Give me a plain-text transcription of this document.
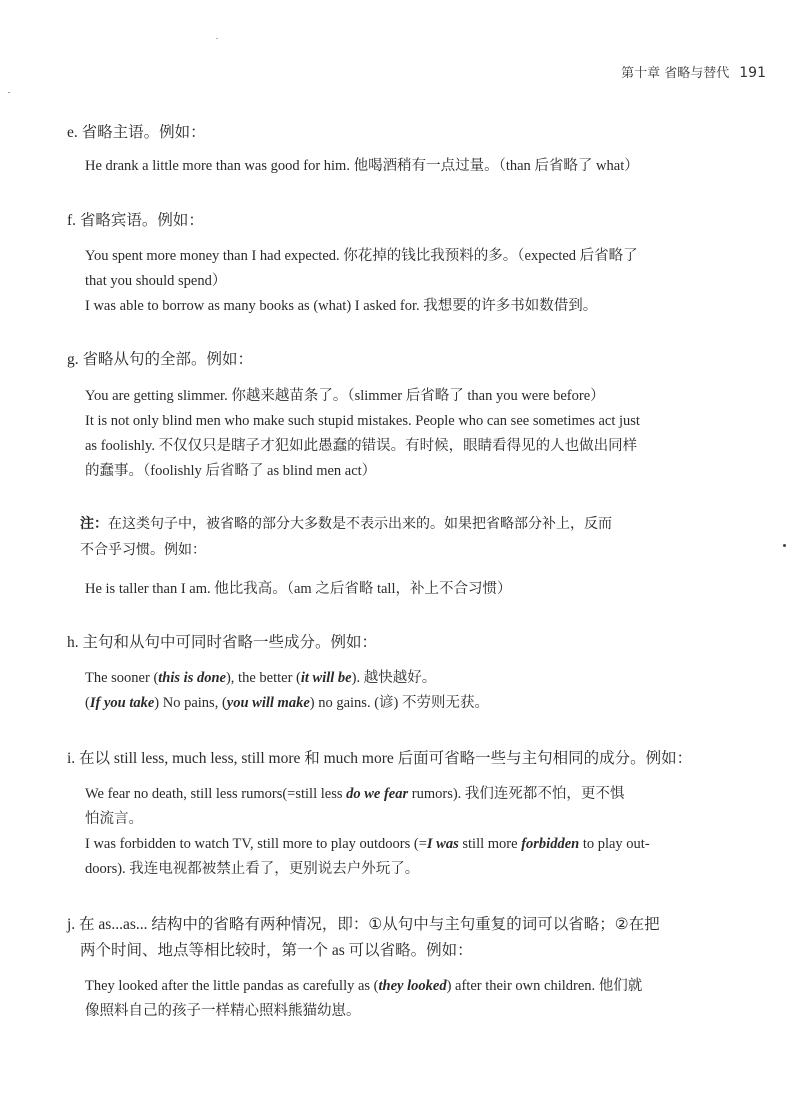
第十章 省略与替代 191
e. 省略主语。例如：
He drank a little more than was good for him. 他喝酒稍有一点过量。（than 后省略了 what）
f. 省略宾语。例如：
You spent more money than I had expected. 你花掉的钱比我预料的多。（expected 后省略了
that you should spend）
I was able to borrow as many books as (what) I asked for. 我想要的许多书如数借到。
g. 省略从句的全部。例如：
You are getting slimmer. 你越来越苗条了。（slimmer 后省略了 than you were before）
It is not only blind men who make such stupid mistakes. People who can see sometimes act just
as foolishly. 不仅仅只是瞎子才犯如此愚蠢的错误。有时候，眼睛看得见的人也做出同样
的蠢事。（foolishly 后省略了 as blind men act）
注：在这类句子中，被省略的部分大多数是不表示出来的。如果把省略部分补上，反而
不合乎习惯。例如：
He is taller than I am. 他比我高。（am 之后省略 tall，补上不合习惯）
h. 主句和从句中可同时省略一些成分。例如：
The sooner (this is done), the better (it will be). 越快越好。
(If you take) No pains, (you will make) no gains. (谚) 不劳则无获。
i. 在以 still less, much less, still more 和 much more 后面可省略一些与主句相同的成分。例如：
We fear no death, still less rumors(=still less do we fear rumors). 我们连死都不怕，更不惧
怕流言。
I was forbidden to watch TV, still more to play outdoors (=I was still more forbidden to play out-
doors). 我连电视都被禁止看了，更别说去户外玩了。
j. 在 as...as... 结构中的省略有两种情况，即：①从句中与主句重复的词可以省略；②在把
两个时间、地点等相比较时，第一个 as 可以省略。例如：
They looked after the little pandas as carefully as (they looked) after their own children. 他们就
像照料自己的孩子一样精心照料熊猫幼崽。
